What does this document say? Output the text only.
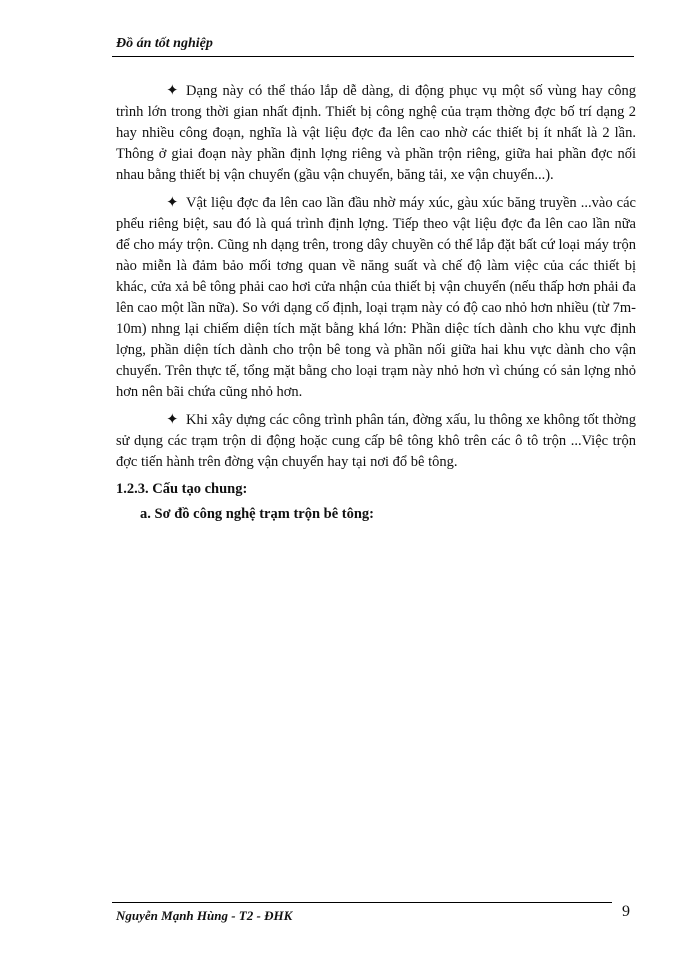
Đồ án tốt nghiệp

✦ Dạng này có thể tháo lắp dễ dàng, di động phục vụ một số vùng hay công trình lớn trong thời gian nhất định. Thiết bị công nghệ của trạm thờng đợc bố trí dạng 2 hay nhiều công đoạn, nghĩa là vật liệu đợc đa lên cao nhờ các thiết bị ít nhất là 2 lần. Thông ở giai đoạn này phần định lợng riêng và phần trộn riêng, giữa hai phần đợc nối nhau bằng thiết bị vận chuyển (gầu vận chuyển, băng tải, xe vận chuyển...).

✦ Vật liệu đợc đa lên cao lần đầu nhờ máy xúc, gàu xúc băng truyền ...vào các phểu riêng biệt, sau đó là quá trình định lợng. Tiếp theo vật liệu đợc đa lên cao lần nữa để cho máy trộn. Cũng nh dạng trên, trong dây chuyền có thể lắp đặt bất cứ loại máy trộn nào miễn là đảm bảo mối tơng quan về năng suất và chế độ làm việc của các thiết bị khác, cửa xả bê tông phải cao hơi cửa nhận của thiết bị vận chuyển (nếu thấp hơn phải đa lên cao một lần nữa). So với dạng cố định, loại trạm này có độ cao nhỏ hơn nhiều (từ 7m-10m) nhng lại chiếm diện tích mặt bằng khá lớn: Phần diệc tích dành cho khu vực định lợng, phần diện tích dành cho trộn bê tong và phần nối giữa hai khu vực dành cho vận chuyển. Trên thực tế, tổng mặt bằng cho loại trạm này nhỏ hơn vì chúng có sản lợng nhỏ hơn nên bãi chứa cũng nhỏ hơn.

✦ Khi xây dựng các công trình phân tán, đờng xấu, lu thông xe không tốt thờng sử dụng các trạm trộn di động hoặc cung cấp bê tông khô trên các ô tô trộn ...Việc trộn đợc tiến hành trên đờng vận chuyển hay tại nơi đổ bê tông.

1.2.3. Cấu tạo chung:

a. Sơ đồ công nghệ trạm trộn bê tông:

Nguyễn Mạnh Hùng - T2 - ĐHK	9
